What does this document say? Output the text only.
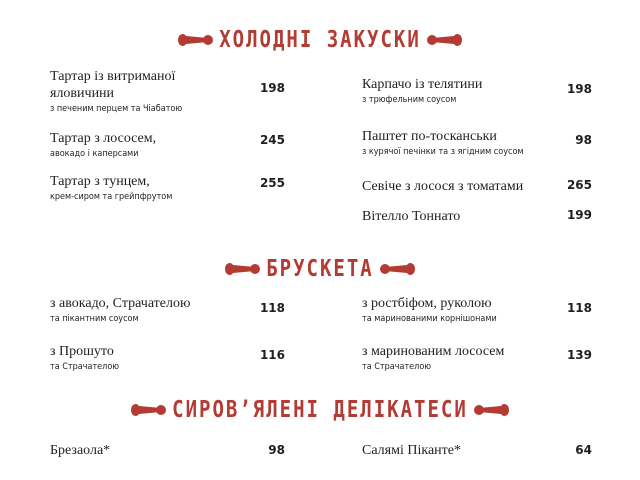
ХОЛОДНІ ЗАКУСКИ
Тартар із витриманої
яловичини
з печеним перцем та Чіабатою
198
Тартар з лососем,
авокадо і каперсами
245
Тартар з тунцем,
крем-сиром та грейпфрутом
255
Карпачо із телятини
з трюфельним соусом
198
Паштет по-тосканськи
з курячої печінки та з ягідним соусом
98
Севіче з лосося з томатами	265
Вітелло Тоннато	199
БРУСКЕТА
з авокадо, Страчателою
та пікантним соусом
118
з Прошуто
та Страчателою
116
з ростбіфом, руколою
та маринованими корнішонами
118
з маринованим лососем
та Страчателою
139
СИРОВ’ЯЛЕНІ ДЕЛІКАТЕСИ
Брезаола*	98	Салямі Піканте*	64
